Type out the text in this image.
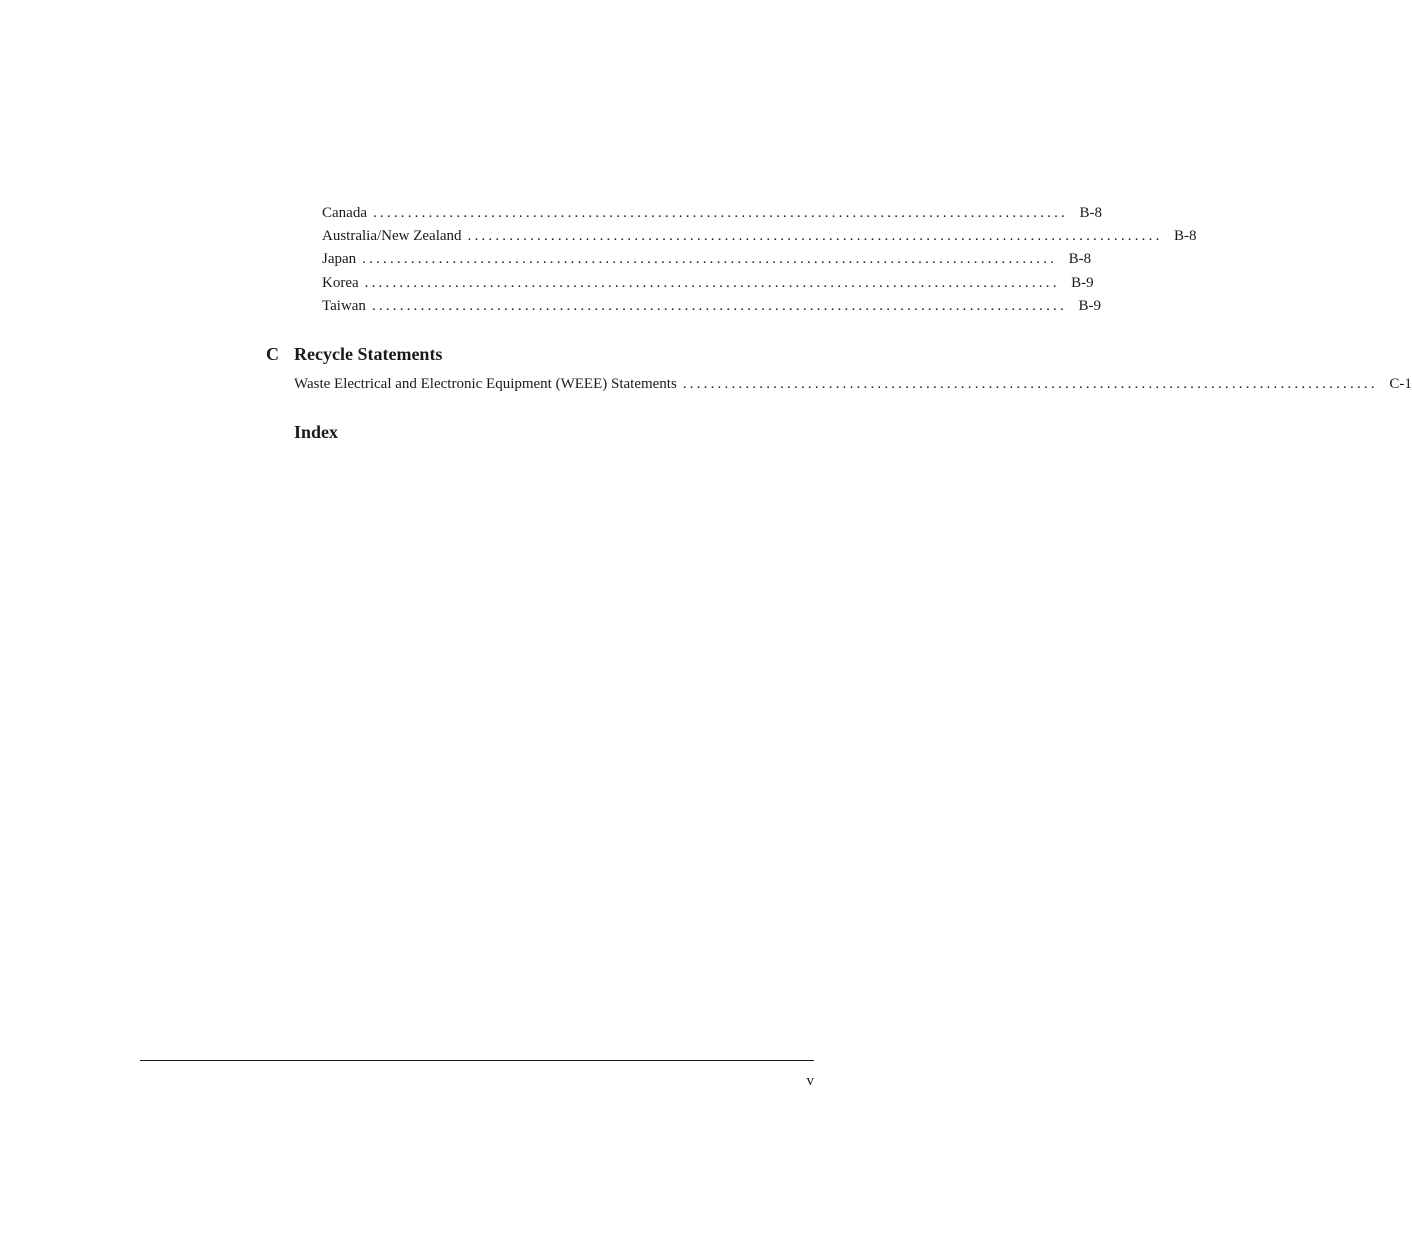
Canada .................................................................................................... B-8
Australia/New Zealand .................................................................................................... B-8
Japan .................................................................................................... B-8
Korea .................................................................................................... B-9
Taiwan .................................................................................................... B-9
C Recycle Statements
Waste Electrical and Electronic Equipment (WEEE) Statements .................................................................................................... C-1
Index
v
